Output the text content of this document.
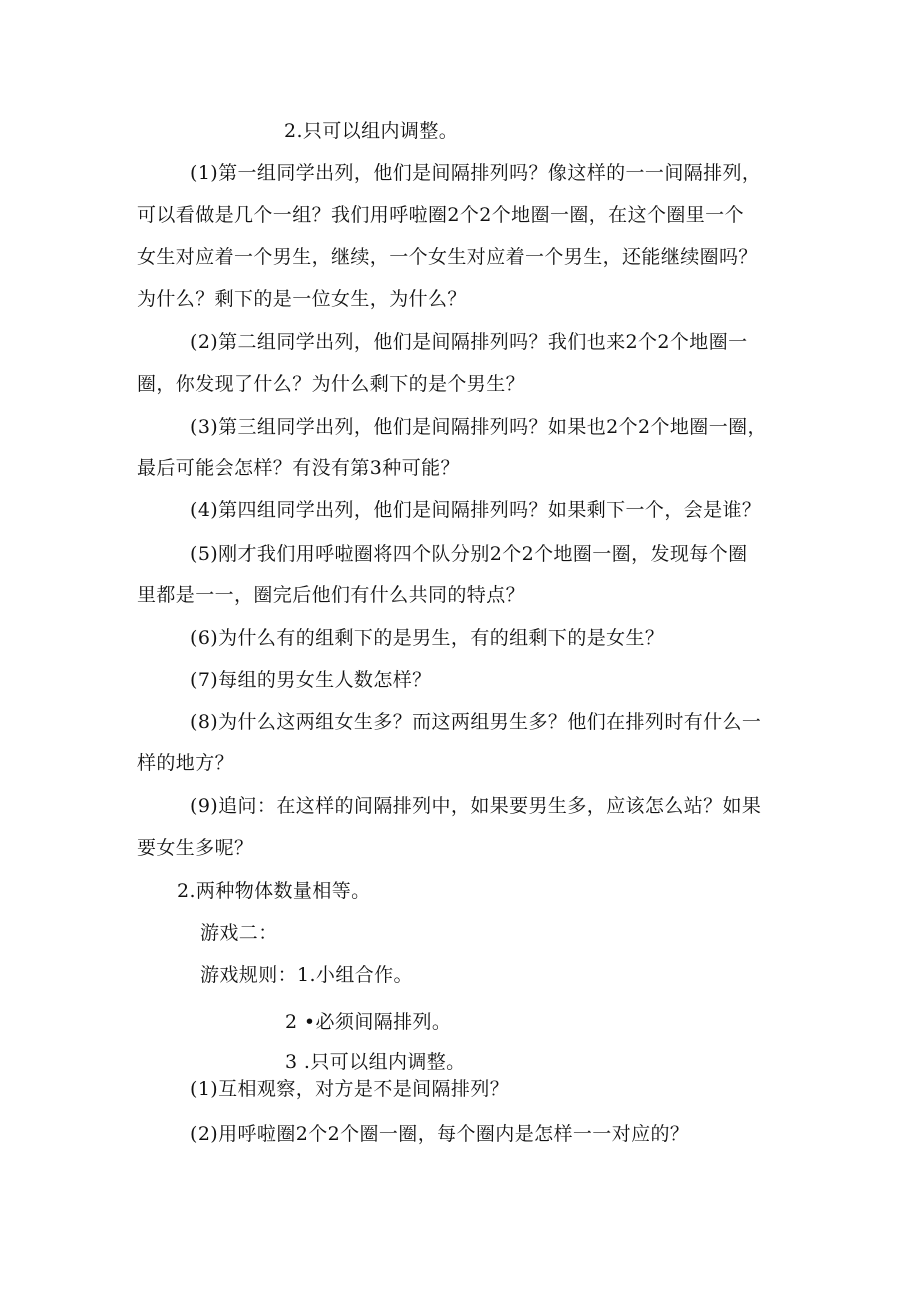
2.只可以组内调整。
(1)第一组同学出列，他们是间隔排列吗？像这样的一一间隔排列，
可以看做是几个一组？我们用呼啦圈2个2个地圈一圈，在这个圈里一个
女生对应着一个男生，继续，一个女生对应着一个男生，还能继续圈吗？
为什么？剩下的是一位女生，为什么？
(2)第二组同学出列，他们是间隔排列吗？我们也来2个2个地圈一
圈，你发现了什么？为什么剩下的是个男生？
(3)第三组同学出列，他们是间隔排列吗？如果也2个2个地圈一圈，
最后可能会怎样？有没有第3种可能？
(4)第四组同学出列，他们是间隔排列吗？如果剩下一个，会是谁？
(5)刚才我们用呼啦圈将四个队分别2个2个地圈一圈，发现每个圈
里都是一一，圈完后他们有什么共同的特点？
(6)为什么有的组剩下的是男生，有的组剩下的是女生？
(7)每组的男女生人数怎样？
(8)为什么这两组女生多？而这两组男生多？他们在排列时有什么一
样的地方？
(9)追问：在这样的间隔排列中，如果要男生多，应该怎么站？如果
要女生多呢？
2.两种物体数量相等。
游戏二：
游戏规则：1.小组合作。
2 •必须间隔排列。
3 .只可以组内调整。
(1)互相观察，对方是不是间隔排列？
(2)用呼啦圈2个2个圈一圈，每个圈内是怎样一一对应的？
